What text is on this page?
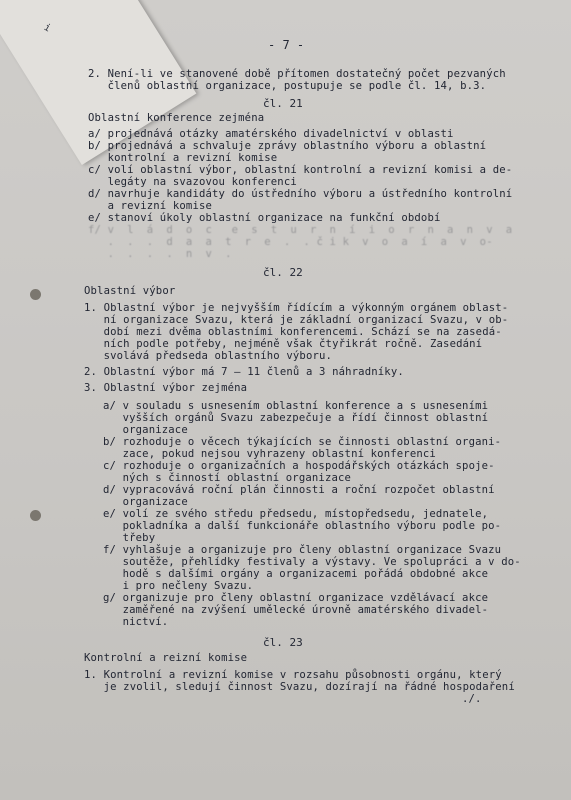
i
- 7 -
2. Není-li ve stanovené době přítomen dostatečný počet pezvaných
členů oblastní organizace, postupuje se podle čl. 14, b.3.
čl. 21
Oblastní konference zejména
a/ projednává otázky amatérského divadelnictví v oblasti
b/ projednává a schvaluje zprávy oblastního výboru a oblastní
kontrolní a revizní komise
c/ volí oblastní výbor, oblastní kontrolní a revizní komisi a de-
legáty na svazovou konferenci
d/ navrhuje kandidáty do ústředního výboru a ústředního kontrolní
a revizní komise
e/ stanoví úkoly oblastní organizace na funkční období
f/ v  l  á  d  o  c   e  s  t  u  r  n  í  i  o  r  n  a  n  v  a
.  .  .  d  a  a  t  r  e  .  . č i k  v  o  a  í  a  v  o-
.  .  .  .  n  v  .
čl. 22
Oblastní výbor
1. Oblastní výbor je nejvyšším řídícím a výkonným orgánem oblast-
ní organizace Svazu, která je základní organizací Svazu, v ob-
dobí mezi dvěma oblastními konferencemi. Schází se na zasedá-
ních podle potřeby, nejméně však čtyřikrát ročně. Zasedání
svolává předseda oblastního výboru.
2. Oblastní výbor má 7 – 11 členů a 3 náhradníky.
3. Oblastní výbor zejména
a/ v souladu s usnesením oblastní konference a s usneseními
vyšších orgánů Svazu zabezpečuje a řídí činnost oblastní
organizace
b/ rozhoduje o věcech týkajících se činnosti oblastní organi-
zace, pokud nejsou vyhrazeny oblastní konferenci
c/ rozhoduje o organizačních a hospodářských otázkách spoje-
ných s činností oblastní organizace
d/ vypracovává roční plán činnosti a roční rozpočet oblastní
organizace
e/ volí ze svého středu předsedu, místopředsedu, jednatele,
pokladníka a další funkcionáře oblastního výboru podle po-
třeby
f/ vyhlašuje a organizuje pro členy oblastní organizace Svazu
soutěže, přehlídky festivaly a výstavy. Ve spolupráci a v do-
hodě s dalšími orgány a organizacemi pořádá obdobné akce
i pro nečleny Svazu.
g/ organizuje pro členy oblastní organizace vzdělávací akce
zaměřené na zvýšení umělecké úrovně amatérského divadel-
nictví.
čl. 23
Kontrolní a reizní komise
1. Kontrolní a revizní komise v rozsahu působnosti orgánu, který
je zvolil, sledují činnost Svazu, dozírají na řádné hospodaření
./.
